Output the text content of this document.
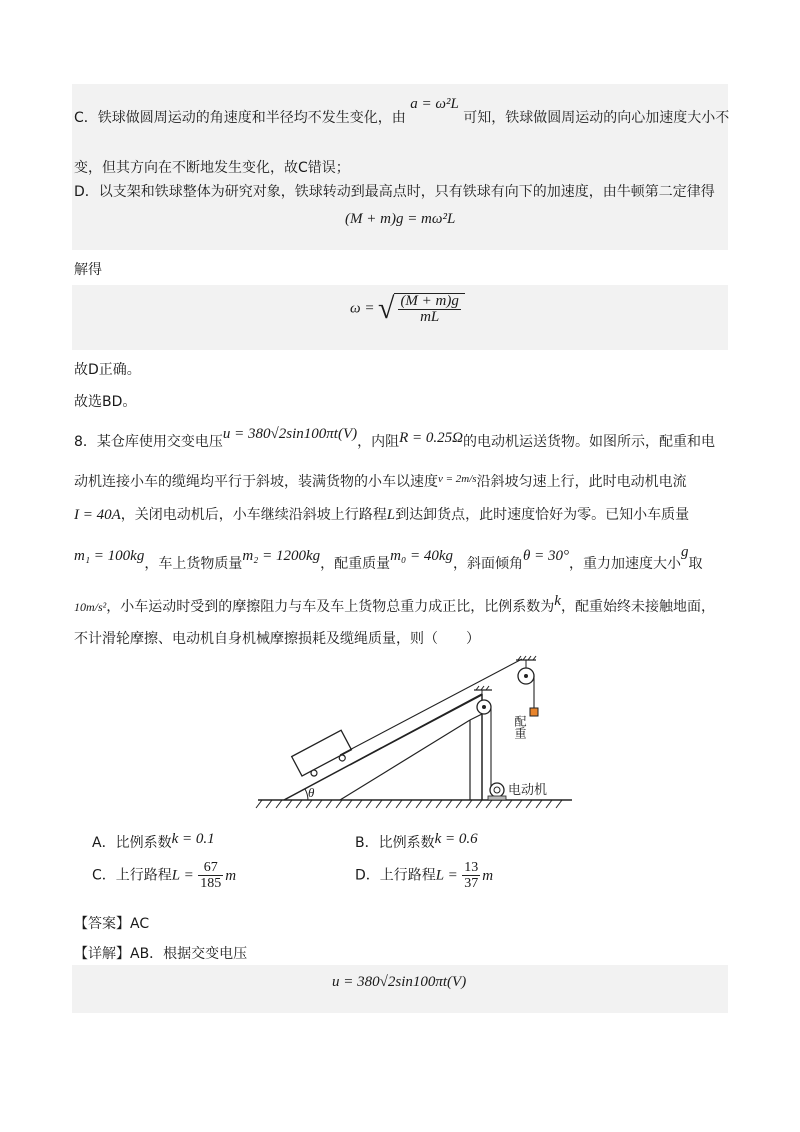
C．铁球做圆周运动的角速度和半径均不发生变化，由 a = ω²L 可知，铁球做圆周运动的向心加速度大小不
变，但其方向在不断地发生变化，故C错误；
D．以支架和铁球整体为研究对象，铁球转动到最高点时，只有铁球有向下的加速度，由牛顿第二定律得
(M + m)g = mω²L
解得
ω = √ $\frac{(M + m)g}{mL}$
故D正确。
故选BD。
8．某仓库使用交变电压u = 380√2sin100πt(V)，内阻R = 0.25Ω的电动机运送货物。如图所示，配重和电
动机连接小车的缆绳均平行于斜坡，装满货物的小车以速度$^{v = 2m/s}$沿斜坡匀速上行，此时电动机电流
I = 40A，关闭电动机后，小车继续沿斜坡上行路程L到达卸货点，此时速度恰好为零。已知小车质量
m₁ = 100kg，车上货物质量m₂ = 1200kg，配重质量m₀ = 40kg，斜面倾角θ = 30°，重力加速度大小g取
10m/s²，小车运动时受到的摩擦阻力与车及车上货物总重力成正比，比例系数为k，配重始终未接触地面，
不计滑轮摩擦、电动机自身机械摩擦损耗及缆绳质量，则（　　）
θ
配重
电动机
A．比例系数k = 0.1	B．比例系数k = 0.6
C．上行路程$L = \frac{67}{185}$ m	D．上行路程$L = \frac{13}{37}$ m
【答案】AC
【详解】AB．根据交变电压
u = 380√2sin100πt(V)
